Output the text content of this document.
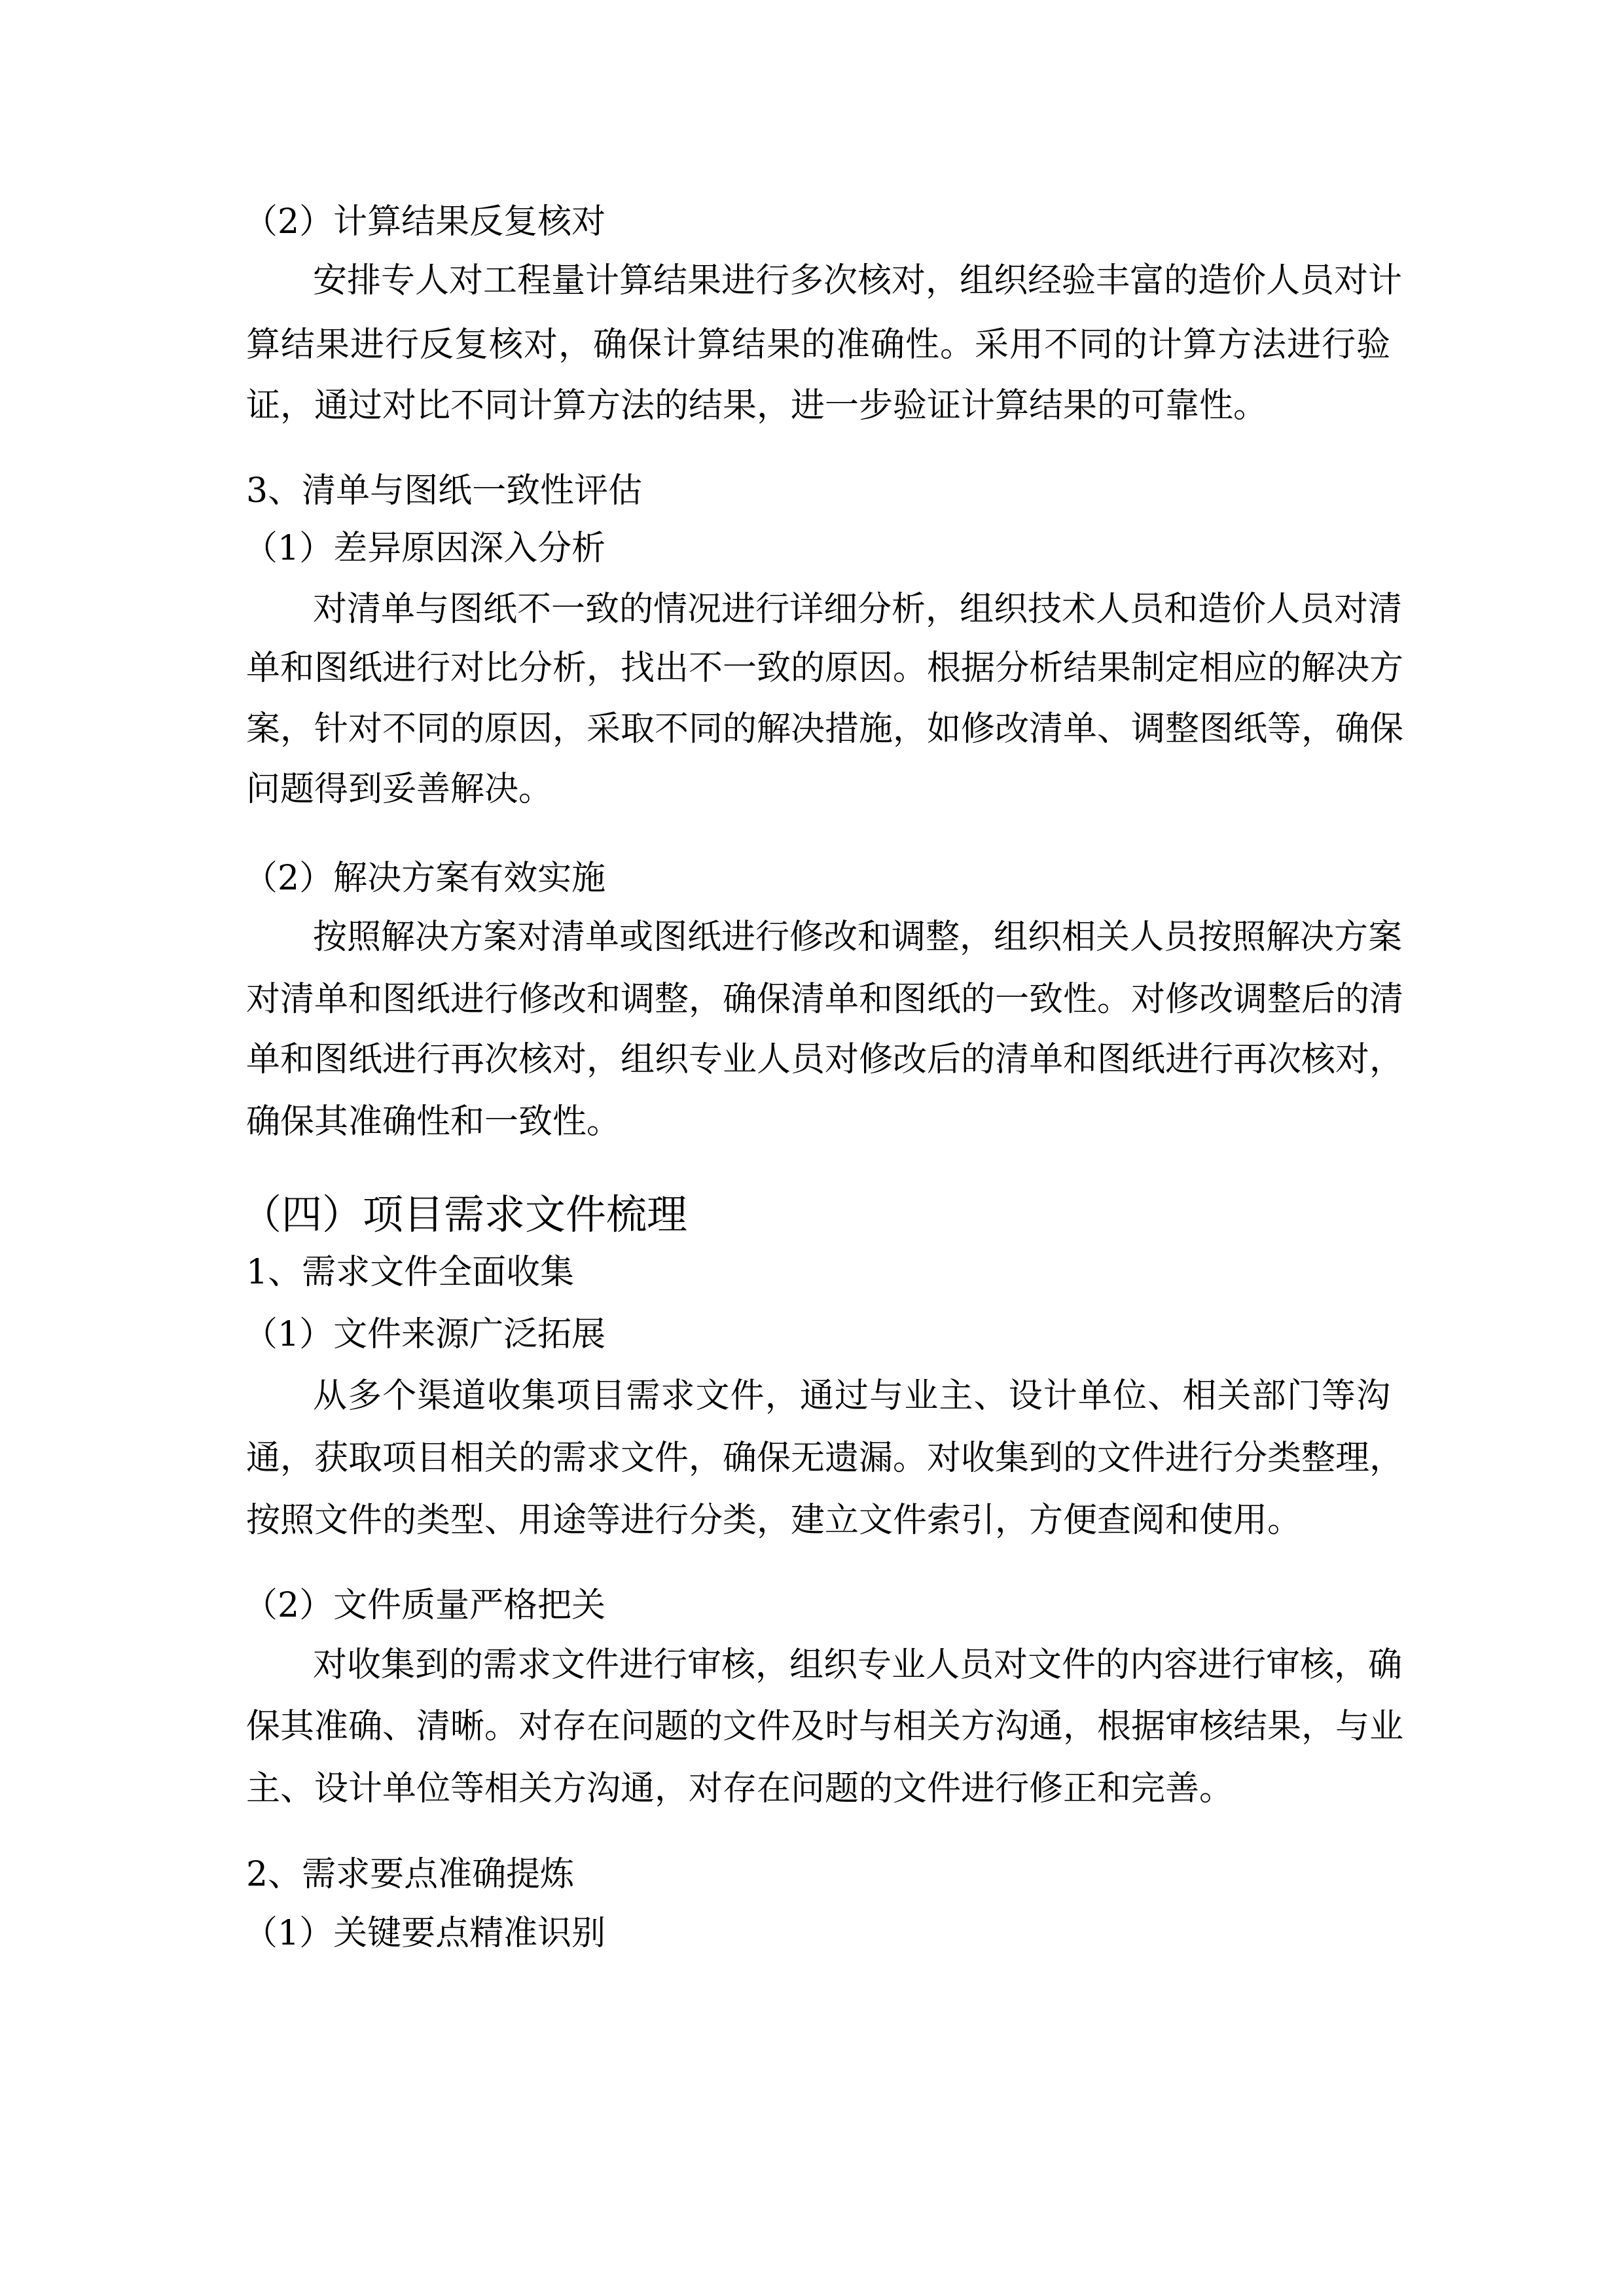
（2）计算结果反复核对
安排专人对工程量计算结果进行多次核对，组织经验丰富的造价人员对计
算结果进行反复核对，确保计算结果的准确性。采用不同的计算方法进行验
证，通过对比不同计算方法的结果，进一步验证计算结果的可靠性。
3、清单与图纸一致性评估
（1）差异原因深入分析
对清单与图纸不一致的情况进行详细分析，组织技术人员和造价人员对清
单和图纸进行对比分析，找出不一致的原因。根据分析结果制定相应的解决方
案，针对不同的原因，采取不同的解决措施，如修改清单、调整图纸等，确保
问题得到妥善解决。
（2）解决方案有效实施
按照解决方案对清单或图纸进行修改和调整，组织相关人员按照解决方案
对清单和图纸进行修改和调整，确保清单和图纸的一致性。对修改调整后的清
单和图纸进行再次核对，组织专业人员对修改后的清单和图纸进行再次核对，
确保其准确性和一致性。
（四）项目需求文件梳理
1、需求文件全面收集
（1）文件来源广泛拓展
从多个渠道收集项目需求文件，通过与业主、设计单位、相关部门等沟
通，获取项目相关的需求文件，确保无遗漏。对收集到的文件进行分类整理，
按照文件的类型、用途等进行分类，建立文件索引，方便查阅和使用。
（2）文件质量严格把关
对收集到的需求文件进行审核，组织专业人员对文件的内容进行审核，确
保其准确、清晰。对存在问题的文件及时与相关方沟通，根据审核结果，与业
主、设计单位等相关方沟通，对存在问题的文件进行修正和完善。
2、需求要点准确提炼
（1）关键要点精准识别
